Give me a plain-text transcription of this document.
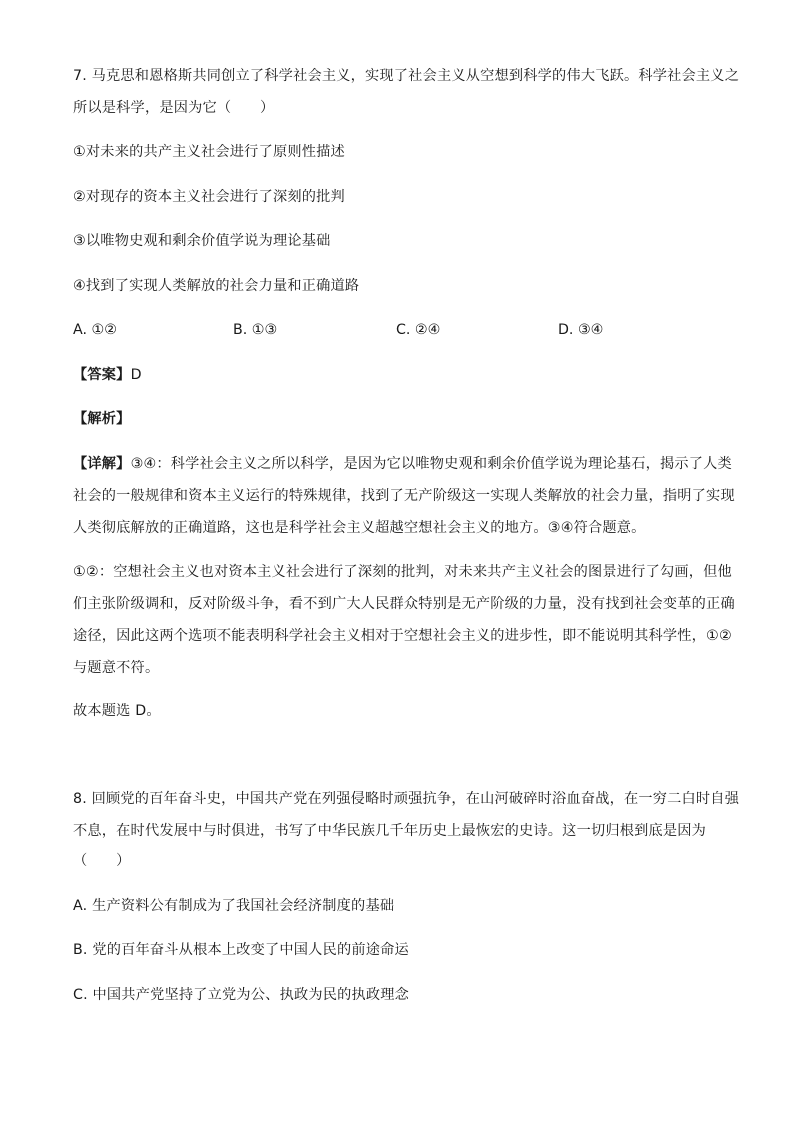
7. 马克思和恩格斯共同创立了科学社会主义，实现了社会主义从空想到科学的伟大飞跃。科学社会主义之
所以是科学，是因为它（　　）
①对未来的共产主义社会进行了原则性描述
②对现存的资本主义社会进行了深刻的批判
③以唯物史观和剩余价值学说为理论基础
④找到了实现人类解放的社会力量和正确道路
A. ①②	B. ①③	C. ②④	D. ③④
【答案】D
【解析】
【详解】③④：科学社会主义之所以科学，是因为它以唯物史观和剩余价值学说为理论基石，揭示了人类
社会的一般规律和资本主义运行的特殊规律，找到了无产阶级这一实现人类解放的社会力量，指明了实现
人类彻底解放的正确道路，这也是科学社会主义超越空想社会主义的地方。③④符合题意。
①②：空想社会主义也对资本主义社会进行了深刻的批判，对未来共产主义社会的图景进行了勾画，但他
们主张阶级调和，反对阶级斗争，看不到广大人民群众特别是无产阶级的力量，没有找到社会变革的正确
途径，因此这两个选项不能表明科学社会主义相对于空想社会主义的进步性，即不能说明其科学性，①②
与题意不符。
故本题选 D。
8. 回顾党的百年奋斗史，中国共产党在列强侵略时顽强抗争，在山河破碎时浴血奋战，在一穷二白时自强
不息，在时代发展中与时俱进，书写了中华民族几千年历史上最恢宏的史诗。这一切归根到底是因为
（　　）
A. 生产资料公有制成为了我国社会经济制度的基础
B. 党的百年奋斗从根本上改变了中国人民的前途命运
C. 中国共产党坚持了立党为公、执政为民的执政理念
